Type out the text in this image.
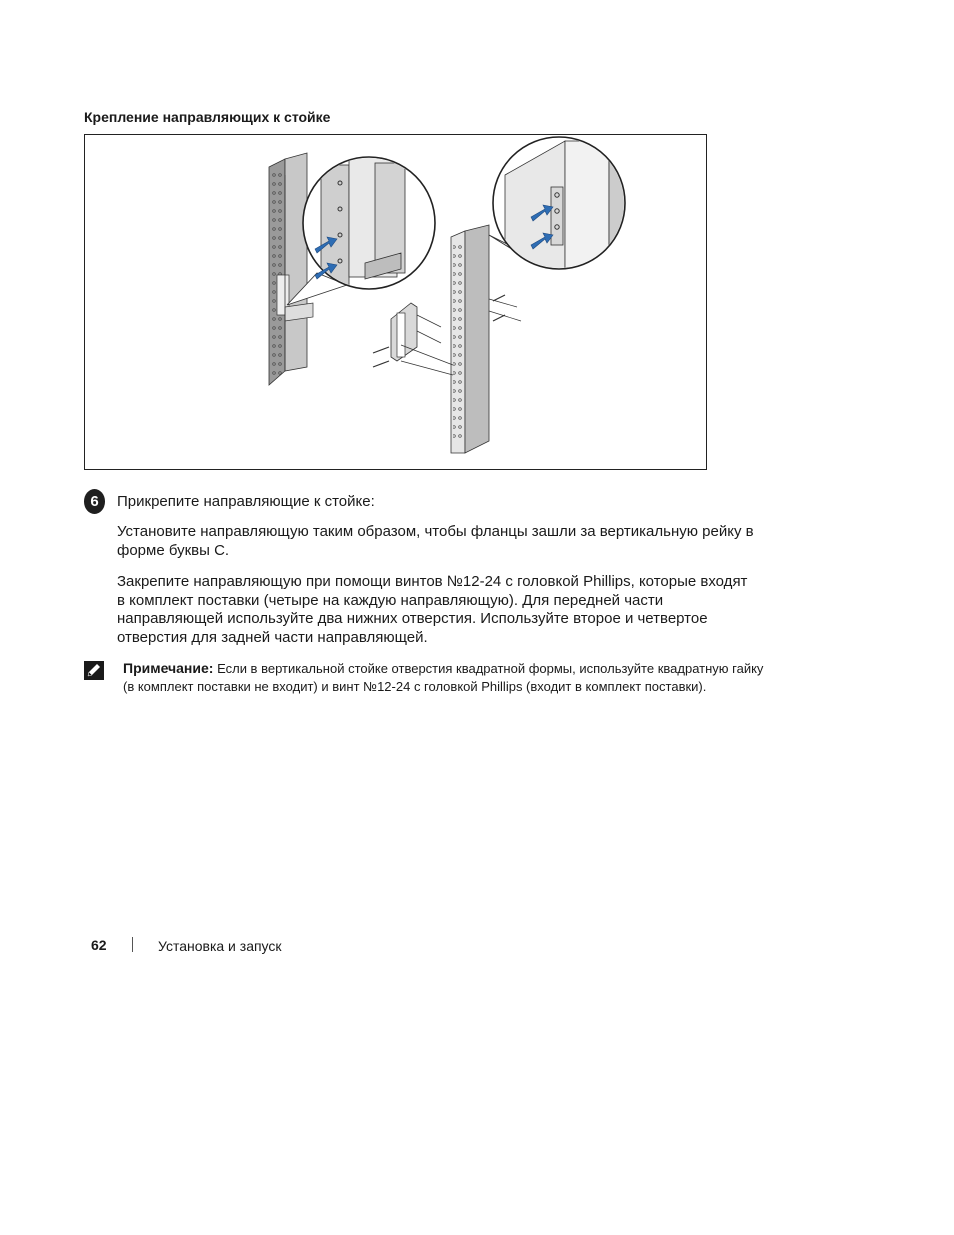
Крепление направляющих к стойке
6	Прикрепите направляющие к стойке:

Установите направляющую таким образом, чтобы фланцы зашли за вертикальную рейку в форме буквы С.

Закрепите направляющую при помощи винтов №12-24 с головкой Phillips, которые входят в комплект поставки (четыре на каждую направляющую). Для передней части направляющей используйте два нижних отверстия. Используйте второе и четвертое отверстия для задней части направляющей.

Примечание: Если в вертикальной стойке отверстия квадратной формы, используйте квадратную гайку (в комплект поставки не входит) и винт №12-24 с головкой Phillips (входит в комплект поставки).

62	Установка и запуск
